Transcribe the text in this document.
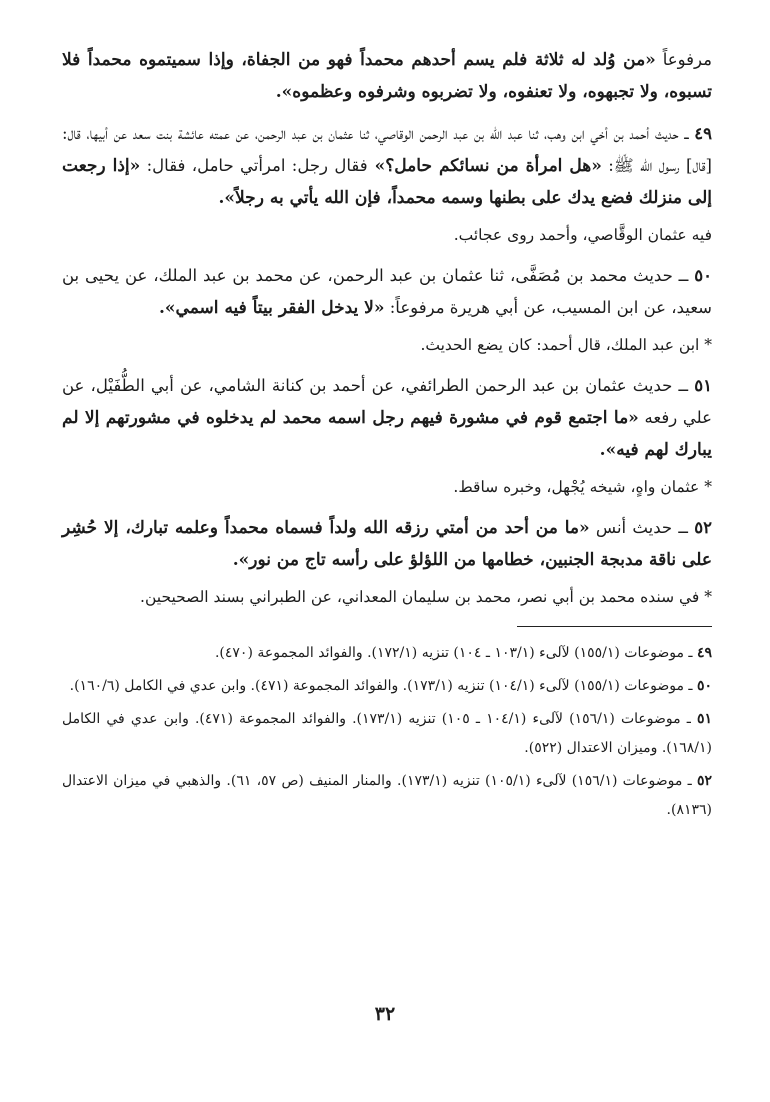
مرفوعاً «من وُلد له ثلاثة فلم يسم أحدهم محمداً فهو من الجفاة، وإذا سميتموه محمداً فلا تسبوه، ولا تجبهوه، ولا تعنفوه، ولا تضربوه وشرفوه وعظموه».

٤٩ ــ حديث أحمد بن أخي ابن وهب، ثنا عبد الله بن عبد الرحمن الوقاصي، ثنا عثمان بن عبد الرحمن، عن عمته عائشة بنت سعد عن أبيها، قال: [قال] رسول الله ﷺ: «هل امرأة من نسائكم حامل؟» فقال رجل: امرأتي حامل، فقال: «إذا رجعت إلى منزلك فضع يدك على بطنها وسمه محمداً، فإن الله يأتي به رجلاً».

فيه عثمان الوقَّاصي، وأحمد روى عجائب.

٥٠ ــ حديث محمد بن مُصَفَّى، ثنا عثمان بن عبد الرحمن، عن محمد بن عبد الملك، عن يحيى بن سعيد، عن ابن المسيب، عن أبي هريرة مرفوعاً: «لا يدخل الفقر بيتاً فيه اسمي».

* ابن عبد الملك، قال أحمد: كان يضع الحديث.

٥١ ــ حديث عثمان بن عبد الرحمن الطرائفي، عن أحمد بن كنانة الشامي، عن أبي الطُّفَيْل، عن علي رفعه «ما اجتمع قوم في مشورة فيهم رجل اسمه محمد لم يدخلوه في مشورتهم إلا لم يبارك لهم فيه».

* عثمان واهٍ، شيخه يُجْهل، وخبره ساقط.

٥٢ ــ حديث أنس «ما من أحد من أمتي رزقه الله ولداً فسماه محمداً وعلمه تبارك، إلا حُشِر على ناقة مدبجة الجنبين، خطامها من اللؤلؤ على رأسه تاج من نور».

* في سنده محمد بن أبي نصر، محمد بن سليمان المعداني، عن الطبراني بسند الصحيحين.

٤٩ ـ موضوعات (١٥٥/١) لآلىء (١٠٣/١ ـ ١٠٤) تنزيه (١٧٢/١). والفوائد المجموعة (٤٧٠).

٥٠ ـ موضوعات (١٥٥/١) لآلىء (١٠٤/١) تنزيه (١٧٣/١). والفوائد المجموعة (٤٧١). وابن عدي في الكامل (١٦٠/٦).

٥١ ـ موضوعات (١٥٦/١) لآلىء (١٠٤/١ ـ ١٠٥) تنزيه (١٧٣/١). والفوائد المجموعة (٤٧١). وابن عدي في الكامل (١٦٨/١). وميزان الاعتدال (٥٢٢).

٥٢ ـ موضوعات (١٥٦/١) لآلىء (١٠٥/١) تنزيه (١٧٣/١). والمنار المنيف (ص ٥٧، ٦١). والذهبي في ميزان الاعتدال (٨١٣٦).

٣٢
